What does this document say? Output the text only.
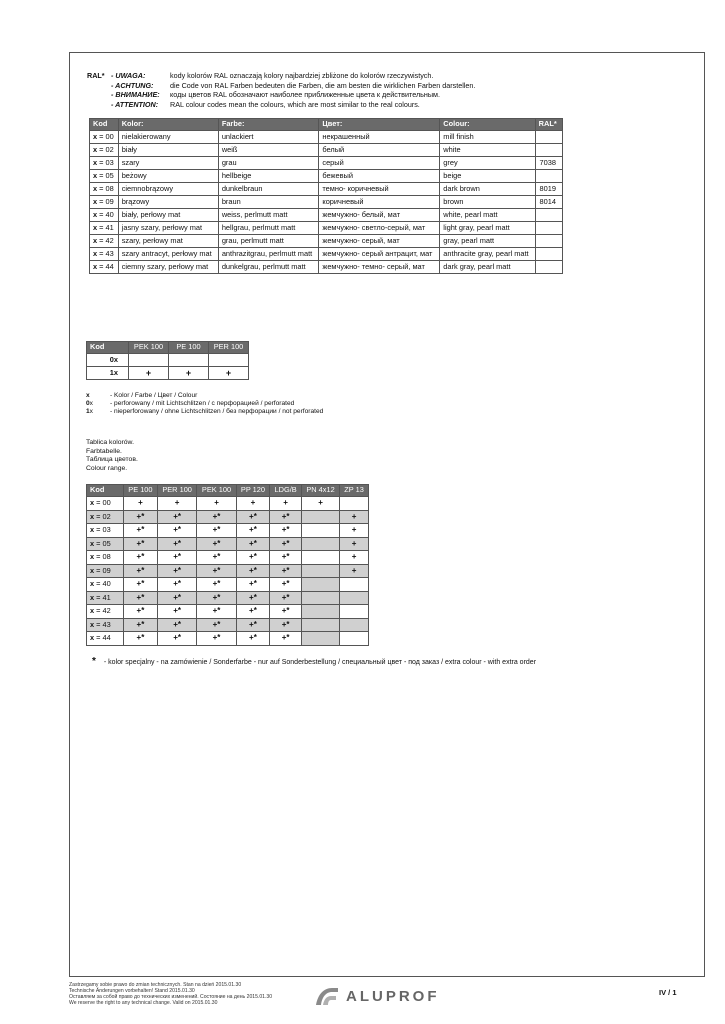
RAL* - UWAGA:	kody kolorów RAL oznaczają kolory najbardziej zbliżone do kolorów rzeczywistych.
- ACHTUNG:	die Code von RAL Farben bedeuten die Farben, die am besten die wirklichen Farben darstellen.
- ВНИМАНИЕ:	коды цветов RAL обозначают наиболее приближенные цвета к действительным.
- ATTENTION:	RAL colour codes mean the colours, which are most similar to the real colours.
Kod	Kolor:	Farbe:	Цвет:	Colour:	RAL*
x = 00	nielakierowany	unlackiert	некрашенный	mill finish	
x = 02	biały	weiß	белый	white	
x = 03	szary	grau	серый	grey	7038
x = 05	beżowy	hellbeige	бежевый	beige	
x = 08	ciemnobrązowy	dunkelbraun	темно- коричневый	dark brown	8019
x = 09	brązowy	braun	коричневый	brown	8014
x = 40	biały, perłowy mat	weiss, perlmutt matt	жемчужно- белый, мат	white, pearl matt	
x = 41	jasny szary, perłowy mat	hellgrau, perlmutt matt	жемчужно- светло-серый, мат	light gray, pearl matt	
x = 42	szary, perłowy mat	grau, perlmutt matt	жемчужно- серый, мат	gray, pearl matt	
x = 43	szary antracyt, perłowy mat	anthrazitgrau, perlmutt matt	жемчужно- серый антрацит, мат	anthracite gray, pearl matt	
x = 44	ciemny szary, perłowy mat	dunkelgrau, perlmutt matt	жемчужно- темно- серый, мат	dark gray, pearl matt	
Kod	PEK 100	PE 100	PER 100
0x			
1x	+	+	+
x	- Kolor / Farbe / Цвет / Colour
0x	- perforowany / mit Lichtschlitzen / с перфорацией / perforated
1x	- nieperforowany / ohne Lichtschlitzen / без перфорации / not perforated
Tablica kolorów.
Farbtabelle.
Таблица цветов.
Colour range.
Kod	PE 100	PER 100	PEK 100	PP 120	LDG/B	PN 4x12	ZP 13
x = 00	+	+	+	+	+	+	
x = 02	+*	+*	+*	+*	+*		+
x = 03	+*	+*	+*	+*	+*		+
x = 05	+*	+*	+*	+*	+*		+
x = 08	+*	+*	+*	+*	+*		+
x = 09	+*	+*	+*	+*	+*		+
x = 40	+*	+*	+*	+*	+*		
x = 41	+*	+*	+*	+*	+*		
x = 42	+*	+*	+*	+*	+*		
x = 43	+*	+*	+*	+*	+*		
x = 44	+*	+*	+*	+*	+*		
* - kolor specjalny - na zamówienie / Sonderfarbe - nur auf Sonderbestellung / специальный цвет - под заказ / extra colour - with extra order
Zastrzegamy sobie prawo do zmian technicznych. Stan na dzień 2015.01.30
Technische Änderungen vorbehalten! Stand 2015.01.30
Оставляем за собой право до технических изменений. Состояние на день 2015.01.30
We reserve the right to any technical change. Valid on 2015.01.30	ALUPROF	IV / 1
